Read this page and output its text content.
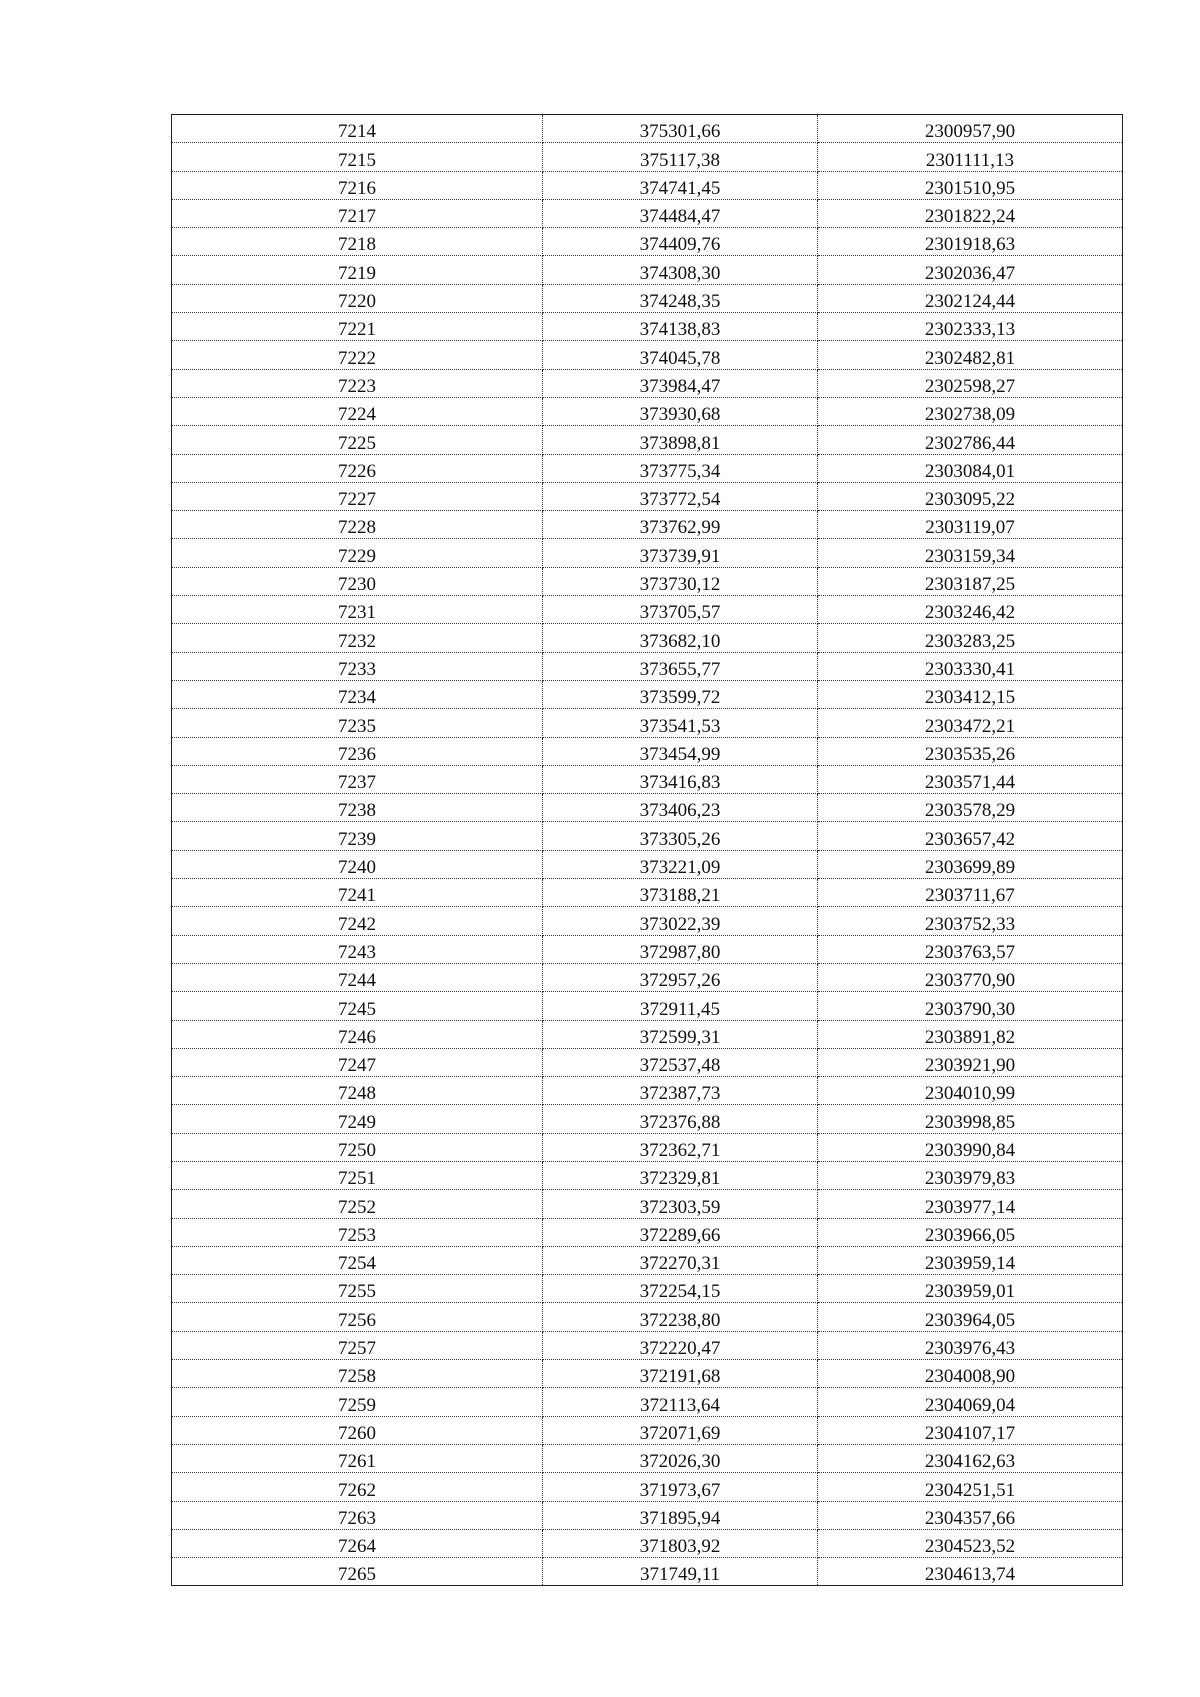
7214	375301,66	2300957,90
7215	375117,38	2301111,13
7216	374741,45	2301510,95
7217	374484,47	2301822,24
7218	374409,76	2301918,63
7219	374308,30	2302036,47
7220	374248,35	2302124,44
7221	374138,83	2302333,13
7222	374045,78	2302482,81
7223	373984,47	2302598,27
7224	373930,68	2302738,09
7225	373898,81	2302786,44
7226	373775,34	2303084,01
7227	373772,54	2303095,22
7228	373762,99	2303119,07
7229	373739,91	2303159,34
7230	373730,12	2303187,25
7231	373705,57	2303246,42
7232	373682,10	2303283,25
7233	373655,77	2303330,41
7234	373599,72	2303412,15
7235	373541,53	2303472,21
7236	373454,99	2303535,26
7237	373416,83	2303571,44
7238	373406,23	2303578,29
7239	373305,26	2303657,42
7240	373221,09	2303699,89
7241	373188,21	2303711,67
7242	373022,39	2303752,33
7243	372987,80	2303763,57
7244	372957,26	2303770,90
7245	372911,45	2303790,30
7246	372599,31	2303891,82
7247	372537,48	2303921,90
7248	372387,73	2304010,99
7249	372376,88	2303998,85
7250	372362,71	2303990,84
7251	372329,81	2303979,83
7252	372303,59	2303977,14
7253	372289,66	2303966,05
7254	372270,31	2303959,14
7255	372254,15	2303959,01
7256	372238,80	2303964,05
7257	372220,47	2303976,43
7258	372191,68	2304008,90
7259	372113,64	2304069,04
7260	372071,69	2304107,17
7261	372026,30	2304162,63
7262	371973,67	2304251,51
7263	371895,94	2304357,66
7264	371803,92	2304523,52
7265	371749,11	2304613,74
